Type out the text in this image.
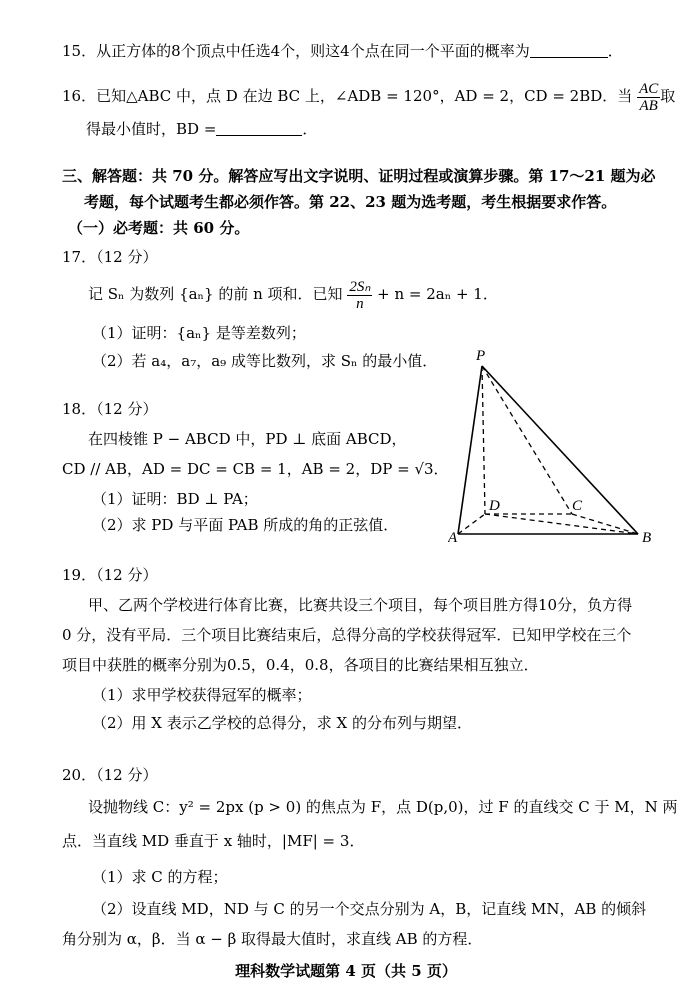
15．从正方体的8个顶点中任选4个，则这4个点在同一个平面的概率为	．
16．已知△ABC 中，点 D 在边 BC 上，∠ADB = 120°，AD = 2，CD = 2BD．当 $\frac{AC}{AB}$ 取
得最小值时，BD =	．
三、解答题：共 70 分。解答应写出文字说明、证明过程或演算步骤。第 17～21 题为必
考题，每个试题考生都必须作答。第 22、23 题为选考题，考生根据要求作答。
（一）必考题：共 60 分。
17．（12 分）
记 Sₙ 为数列 {aₙ} 的前 n 项和．已知 $\frac{\text{2Sₙ}}{n} + n = 2a_n + 1$．
（1）证明：{aₙ} 是等差数列；
（2）若 a₄，a₇，a₉ 成等比数列，求 Sₙ 的最小值．
18．（12 分）
在四棱锥 P − ABCD 中，PD ⊥ 底面 ABCD，
CD // AB，AD = DC = CB = 1，AB = 2，DP = √3．
（1）证明：BD ⊥ PA；
（2）求 PD 与平面 PAB 所成的角的正弦值．
P
A	B
C
D
19．（12 分）
甲、乙两个学校进行体育比赛，比赛共设三个项目，每个项目胜方得10分，负方得
0 分，没有平局．三个项目比赛结束后，总得分高的学校获得冠军．已知甲学校在三个
项目中获胜的概率分别为0.5，0.4，0.8，各项目的比赛结果相互独立．
（1）求甲学校获得冠军的概率；
（2）用 X 表示乙学校的总得分，求 X 的分布列与期望．
20．（12 分）
设抛物线 C：y² = 2px (p > 0) 的焦点为 F，点 D(p,0)，过 F 的直线交 C 于 M，N 两
点．当直线 MD 垂直于 x 轴时，|MF| = 3．
（1）求 C 的方程；
（2）设直线 MD，ND 与 C 的另一个交点分别为 A，B，记直线 MN，AB 的倾斜
角分别为 α，β．当 α − β 取得最大值时，求直线 AB 的方程．
理科数学试题第 4 页（共 5 页）
